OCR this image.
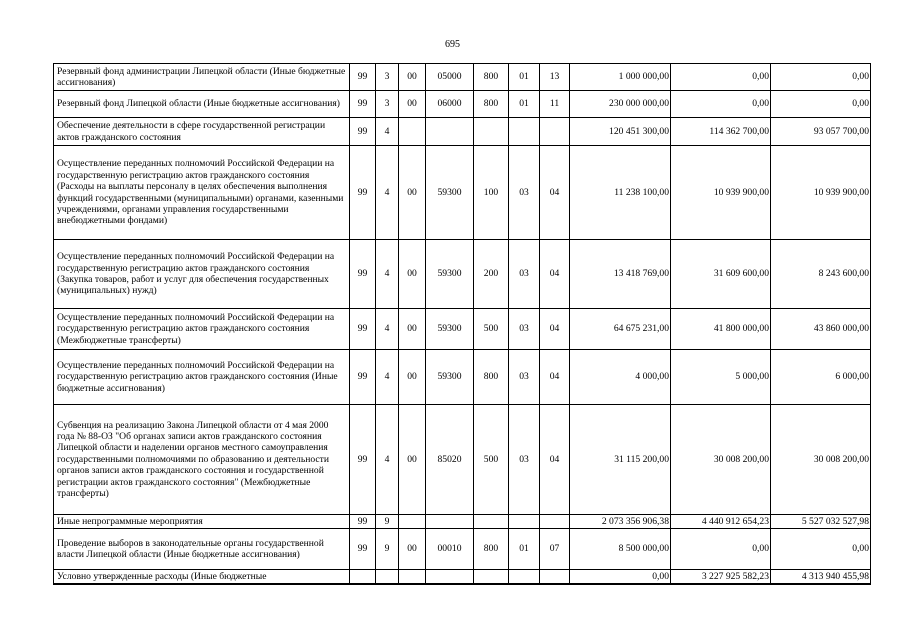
695
Резервный фонд администрации Липецкой области (Иные бюджетные ассигнования)	99	3	00	05000	800	01	13	1 000 000,00	0,00	0,00
Резервный фонд Липецкой области (Иные бюджетные ассигнования)	99	3	00	06000	800	01	11	230 000 000,00	0,00	0,00
Обеспечение деятельности в сфере государственной регистрации актов гражданского состояния	99	4						120 451 300,00	114 362 700,00	93 057 700,00
Осуществление переданных полномочий Российской Федерации на государственную регистрацию актов гражданского состояния (Расходы на выплаты персоналу в целях обеспечения выполнения функций государственными (муниципальными) органами, казенными учреждениями, органами управления государственными внебюджетными фондами)	99	4	00	59300	100	03	04	11 238 100,00	10 939 900,00	10 939 900,00
Осуществление переданных полномочий Российской Федерации на государственную регистрацию актов гражданского состояния (Закупка товаров, работ и услуг для обеспечения государственных (муниципальных) нужд)	99	4	00	59300	200	03	04	13 418 769,00	31 609 600,00	8 243 600,00
Осуществление переданных полномочий Российской Федерации на государственную регистрацию актов гражданского состояния (Межбюджетные трансферты)	99	4	00	59300	500	03	04	64 675 231,00	41 800 000,00	43 860 000,00
Осуществление переданных полномочий Российской Федерации на государственную регистрацию актов гражданского состояния (Иные бюджетные ассигнования)	99	4	00	59300	800	03	04	4 000,00	5 000,00	6 000,00
Субвенция на реализацию Закона Липецкой области от 4 мая 2000 года № 88-ОЗ "Об органах записи актов гражданского состояния Липецкой области и наделении органов местного самоуправления государственными полномочиями по образованию и деятельности органов записи актов гражданского состояния и государственной регистрации актов гражданского состояния" (Межбюджетные трансферты)	99	4	00	85020	500	03	04	31 115 200,00	30 008 200,00	30 008 200,00
Иные непрограммные мероприятия	99	9						2 073 356 906,38	4 440 912 654,23	5 527 032 527,98
Проведение выборов в законодательные органы государственной власти Липецкой области (Иные бюджетные ассигнования)	99	9	00	00010	800	01	07	8 500 000,00	0,00	0,00
Условно утвержденные расходы (Иные бюджетные								0,00	3 227 925 582,23	4 313 940 455,98
